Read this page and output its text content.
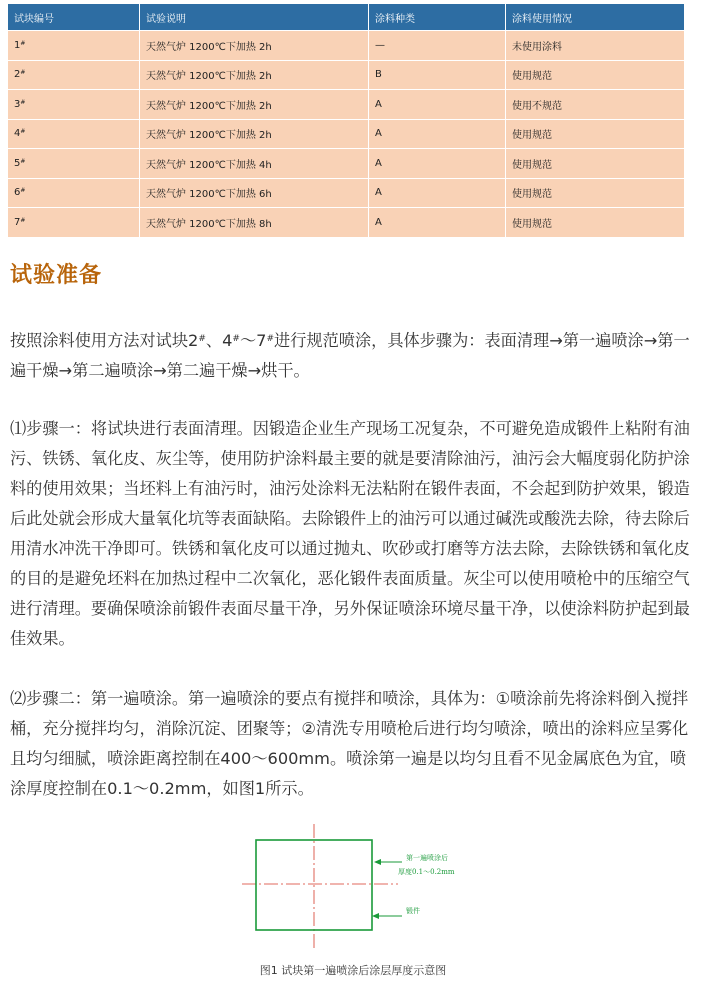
试块编号	试验说明	涂料种类	涂料使用情况
1#	天然气炉 1200℃下加热 2h	—	未使用涂料
2#	天然气炉 1200℃下加热 2h	B	使用规范
3#	天然气炉 1200℃下加热 2h	A	使用不规范
4#	天然气炉 1200℃下加热 2h	A	使用规范
5#	天然气炉 1200℃下加热 4h	A	使用规范
6#	天然气炉 1200℃下加热 6h	A	使用规范
7#	天然气炉 1200℃下加热 8h	A	使用规范
试验准备
按照涂料使用方法对试块2#、4#～7#进行规范喷涂，具体步骤为：表面清理→第一遍喷涂→第一遍干燥→第二遍喷涂→第二遍干燥→烘干。
⑴步骤一：将试块进行表面清理。因锻造企业生产现场工况复杂，不可避免造成锻件上粘附有油污、铁锈、氧化皮、灰尘等，使用防护涂料最主要的就是要清除油污，油污会大幅度弱化防护涂料的使用效果；当坯料上有油污时，油污处涂料无法粘附在锻件表面，不会起到防护效果，锻造后此处就会形成大量氧化坑等表面缺陷。去除锻件上的油污可以通过碱洗或酸洗去除，待去除后用清水冲洗干净即可。铁锈和氧化皮可以通过抛丸、吹砂或打磨等方法去除，去除铁锈和氧化皮的目的是避免坯料在加热过程中二次氧化，恶化锻件表面质量。灰尘可以使用喷枪中的压缩空气进行清理。要确保喷涂前锻件表面尽量干净，另外保证喷涂环境尽量干净，以使涂料防护起到最佳效果。
⑵步骤二：第一遍喷涂。第一遍喷涂的要点有搅拌和喷涂，具体为：①喷涂前先将涂料倒入搅拌桶，充分搅拌均匀，消除沉淀、团聚等；②清洗专用喷枪后进行均匀喷涂，喷出的涂料应呈雾化且均匀细腻，喷涂距离控制在400～600mm。喷涂第一遍是以均匀且看不见金属底色为宜，喷涂厚度控制在0.1～0.2mm，如图1所示。
第一遍喷涂后
厚度0.1～0.2mm
锻件
图1 试块第一遍喷涂后涂层厚度示意图
